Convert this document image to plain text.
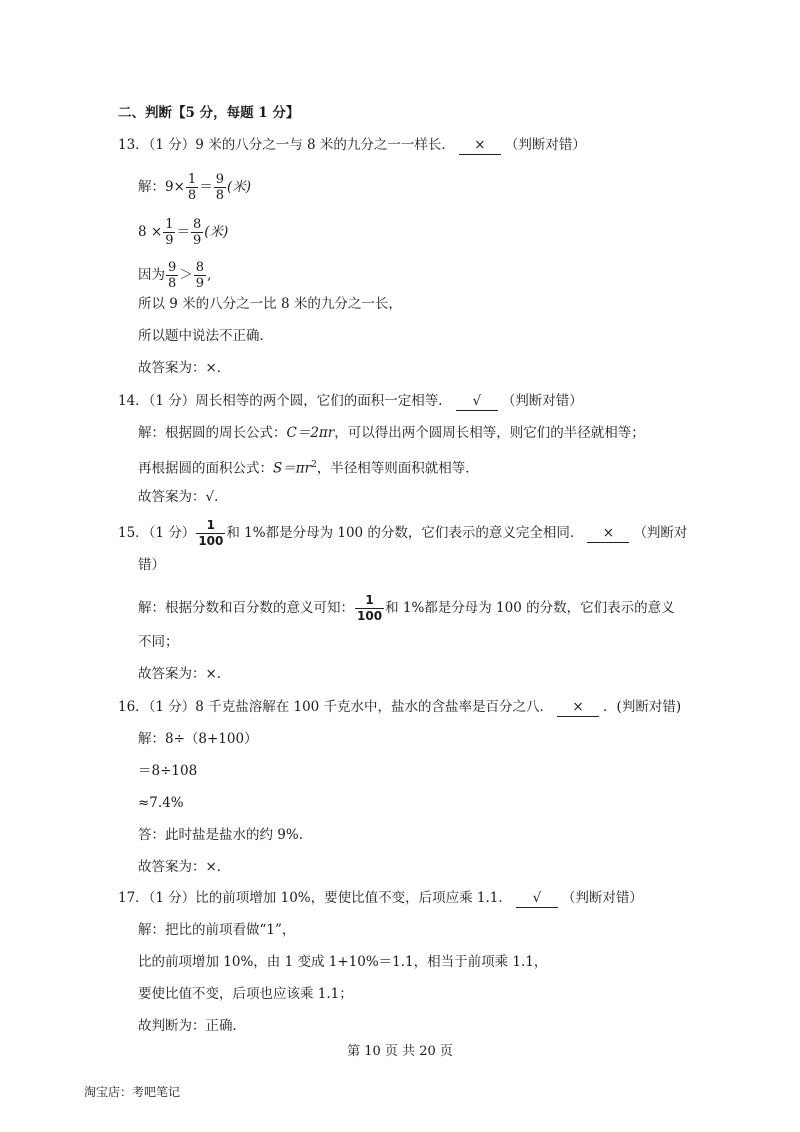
二、判断【5 分，每题 1 分】
13．（1 分）9 米的八分之一与 8 米的九分之一一样长． × （判断对错）
解：$9\times \frac{1}{8} = \frac{9}{8}$ (米)
$8 \times \frac{1}{9} = \frac{8}{9}$ (米)
因为 $\frac{9}{8} > \frac{8}{9}$ ,
所以 9 米的八分之一比 8 米的九分之一长，
所以题中说法不正确．
故答案为：×．
14．（1 分）周长相等的两个圆，它们的面积一定相等． √ （判断对错）
解：根据圆的周长公式：C＝2πr，可以得出两个圆周长相等，则它们的半径就相等；
再根据圆的面积公式：$S=\pi r^2$，半径相等则面积就相等．
故答案为：√．
15．（1 分） $\frac{1}{100}$ 和 1%都是分母为 100 的分数，它们表示的意义完全相同． × （判断对
错）
解：根据分数和百分数的意义可知： $\frac{1}{100}$ 和 1%都是分母为 100 的分数，它们表示的意义
不同；
故答案为：×．
16．（1 分）8 千克盐溶解在 100 千克水中，盐水的含盐率是百分之八． × ．(判断对错)
解：8÷（8+100）
＝8÷108
≈7.4%
答：此时盐是盐水的约 9%.
故答案为：×．
17．（1 分）比的前项增加 10%，要使比值不变，后项应乘 1.1． √ （判断对错）
解：把比的前项看做“1”，
比的前项增加 10%，由 1 变成 1+10%＝1.1，相当于前项乘 1.1，
要使比值不变，后项也应该乘 1.1；
故判断为：正确．
第 10 页 共 20 页
淘宝店：考吧笔记
